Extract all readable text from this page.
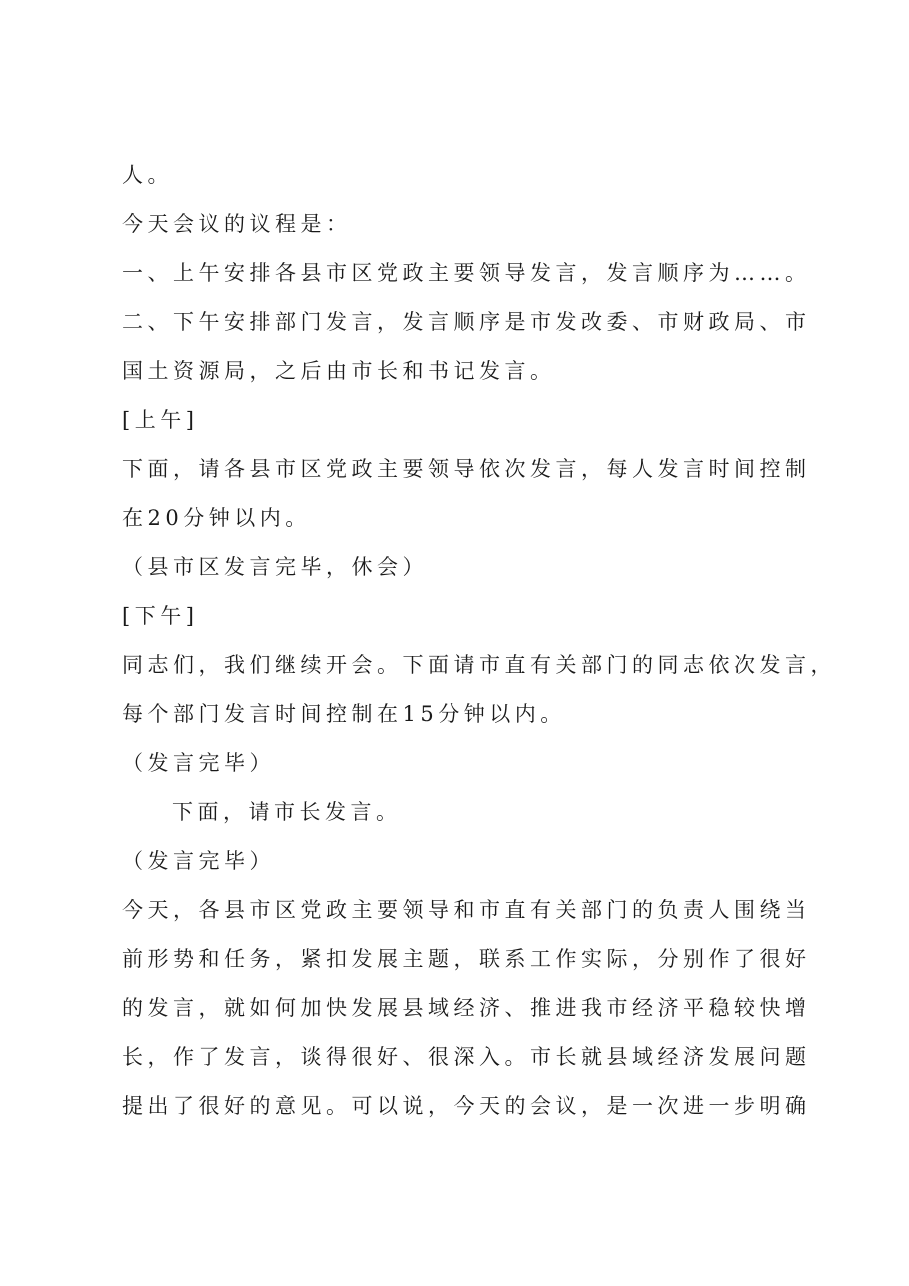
人。
今天会议的议程是：
一、上午安排各县市区党政主要领导发言，发言顺序为……。
二、下午安排部门发言，发言顺序是市发改委、市财政局、市
国土资源局，之后由市长和书记发言。
[上午]
下面，请各县市区党政主要领导依次发言，每人发言时间控制
在20分钟以内。
（县市区发言完毕，休会）
[下午]
同志们，我们继续开会。下面请市直有关部门的同志依次发言，
每个部门发言时间控制在15分钟以内。
（发言完毕）
下面，请市长发言。
（发言完毕）
今天，各县市区党政主要领导和市直有关部门的负责人围绕当
前形势和任务，紧扣发展主题，联系工作实际，分别作了很好
的发言，就如何加快发展县域经济、推进我市经济平稳较快增
长，作了发言，谈得很好、很深入。市长就县域经济发展问题
提出了很好的意见。可以说，今天的会议，是一次进一步明确
